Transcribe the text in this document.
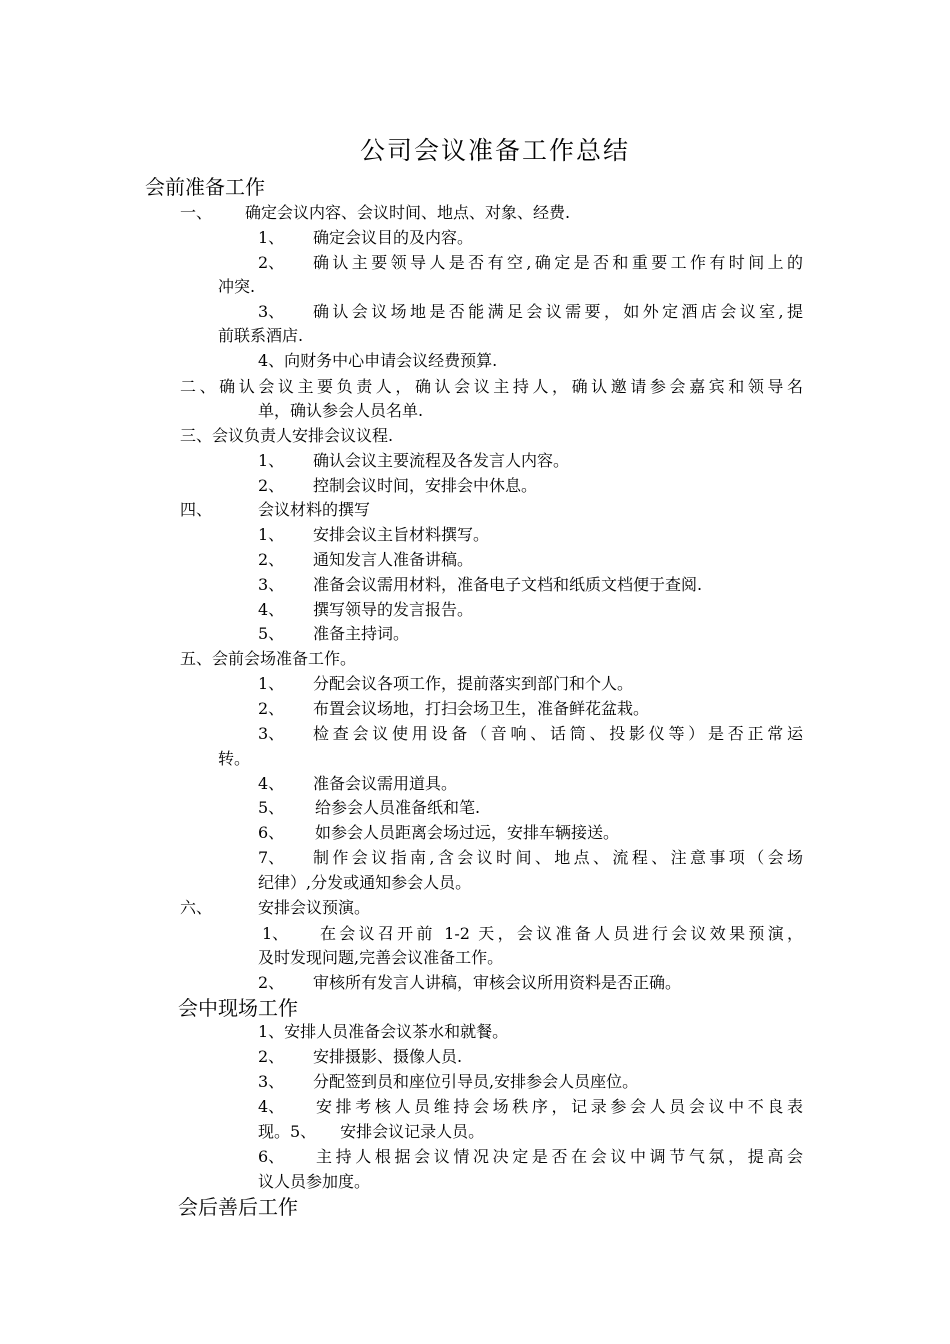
公司会议准备工作总结
会前准备工作
一、 确定会议内容、会议时间、地点、对象、经费.
1、 确定会议目的及内容。
2、 确认主要领导人是否有空,确定是否和重要工作有时间上的
冲突.
3、 确认会议场地是否能满足会议需要，如外定酒店会议室,提
前联系酒店.
4、向财务中心申请会议经费预算.
二、确认会议主要负责人，确认会议主持人，确认邀请参会嘉宾和领导名
单，确认参会人员名单.
三、会议负责人安排会议议程.
1、 确认会议主要流程及各发言人内容。
2、 控制会议时间，安排会中休息。
四、	会议材料的撰写
1、 安排会议主旨材料撰写。
2、 通知发言人准备讲稿。
3、 准备会议需用材料，准备电子文档和纸质文档便于查阅.
4、 撰写领导的发言报告。
5、 准备主持词。
五、会前会场准备工作。
1、 分配会议各项工作，提前落实到部门和个人。
2、 布置会议场地，打扫会场卫生，准备鲜花盆栽。
3、 检查会议使用设备（音响、话筒、投影仪等）是否正常运
转。
4、 准备会议需用道具。
5、 给参会人员准备纸和笔.
6、 如参会人员距离会场过远，安排车辆接送。
7、 制作会议指南,含会议时间、地点、流程、注意事项（会场
纪律）,分发或通知参会人员。
六、	安排会议预演。
1、 在会议召开前 1-2 天，会议准备人员进行会议效果预演，
及时发现问题,完善会议准备工作。
2、 审核所有发言人讲稿，审核会议所用资料是否正确。
会中现场工作
1、安排人员准备会议茶水和就餐。
2、 安排摄影、摄像人员.
3、 分配签到员和座位引导员,安排参会人员座位。
4、 安排考核人员维持会场秩序，记录参会人员会议中不良表
现。5、　　安排会议记录人员。
6、 主持人根据会议情况决定是否在会议中调节气氛，提高会
议人员参加度。
会后善后工作
